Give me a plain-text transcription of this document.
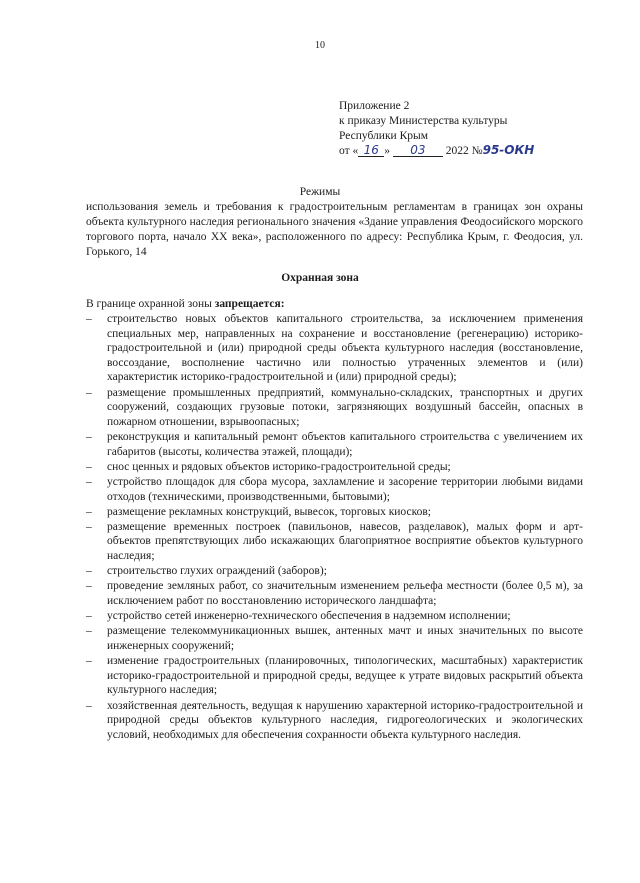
10
Приложение 2
к приказу Министерства культуры
Республики Крым
от « 16 » 03 2022 №95-ОКН
Режимы
использования земель и требования к градостроительным регламентам в границах зон охраны объекта культурного наследия регионального значения «Здание управления Феодосийского морского торгового порта, начало XX века», расположенного по адресу: Республика Крым, г. Феодосия, ул. Горького, 14
Охранная зона
В границе охранной зоны запрещается:
– строительство новых объектов капитального строительства, за исключением применения специальных мер, направленных на сохранение и восстановление (регенерацию) историко-градостроительной и (или) природной среды объекта культурного наследия (восстановление, воссоздание, восполнение частично или полностью утраченных элементов и (или) характеристик историко-градостроительной и (или) природной среды);
– размещение промышленных предприятий, коммунально-складских, транспортных и других сооружений, создающих грузовые потоки, загрязняющих воздушный бассейн, опасных в пожарном отношении, взрывоопасных;
– реконструкция и капитальный ремонт объектов капитального строительства с увеличением их габаритов (высоты, количества этажей, площади);
– снос ценных и рядовых объектов историко-градостроительной среды;
– устройство площадок для сбора мусора, захламление и засорение территории любыми видами отходов (техническими, производственными, бытовыми);
– размещение рекламных конструкций, вывесок, торговых киосков;
– размещение временных построек (павильонов, навесов, разделавок), малых форм и арт-объектов препятствующих либо искажающих благоприятное восприятие объектов культурного наследия;
– строительство глухих ограждений (заборов);
– проведение земляных работ, со значительным изменением рельефа местности (более 0,5 м), за исключением работ по восстановлению исторического ландшафта;
– устройство сетей инженерно-технического обеспечения в надземном исполнении;
– размещение телекоммуникационных вышек, антенных мачт и иных значительных по высоте инженерных сооружений;
– изменение градостроительных (планировочных, типологических, масштабных) характеристик историко-градостроительной и природной среды, ведущее к утрате видовых раскрытий объекта культурного наследия;
– хозяйственная деятельность, ведущая к нарушению характерной историко-градостроительной и природной среды объектов культурного наследия, гидрогеологических и экологических условий, необходимых для обеспечения сохранности объекта культурного наследия.
